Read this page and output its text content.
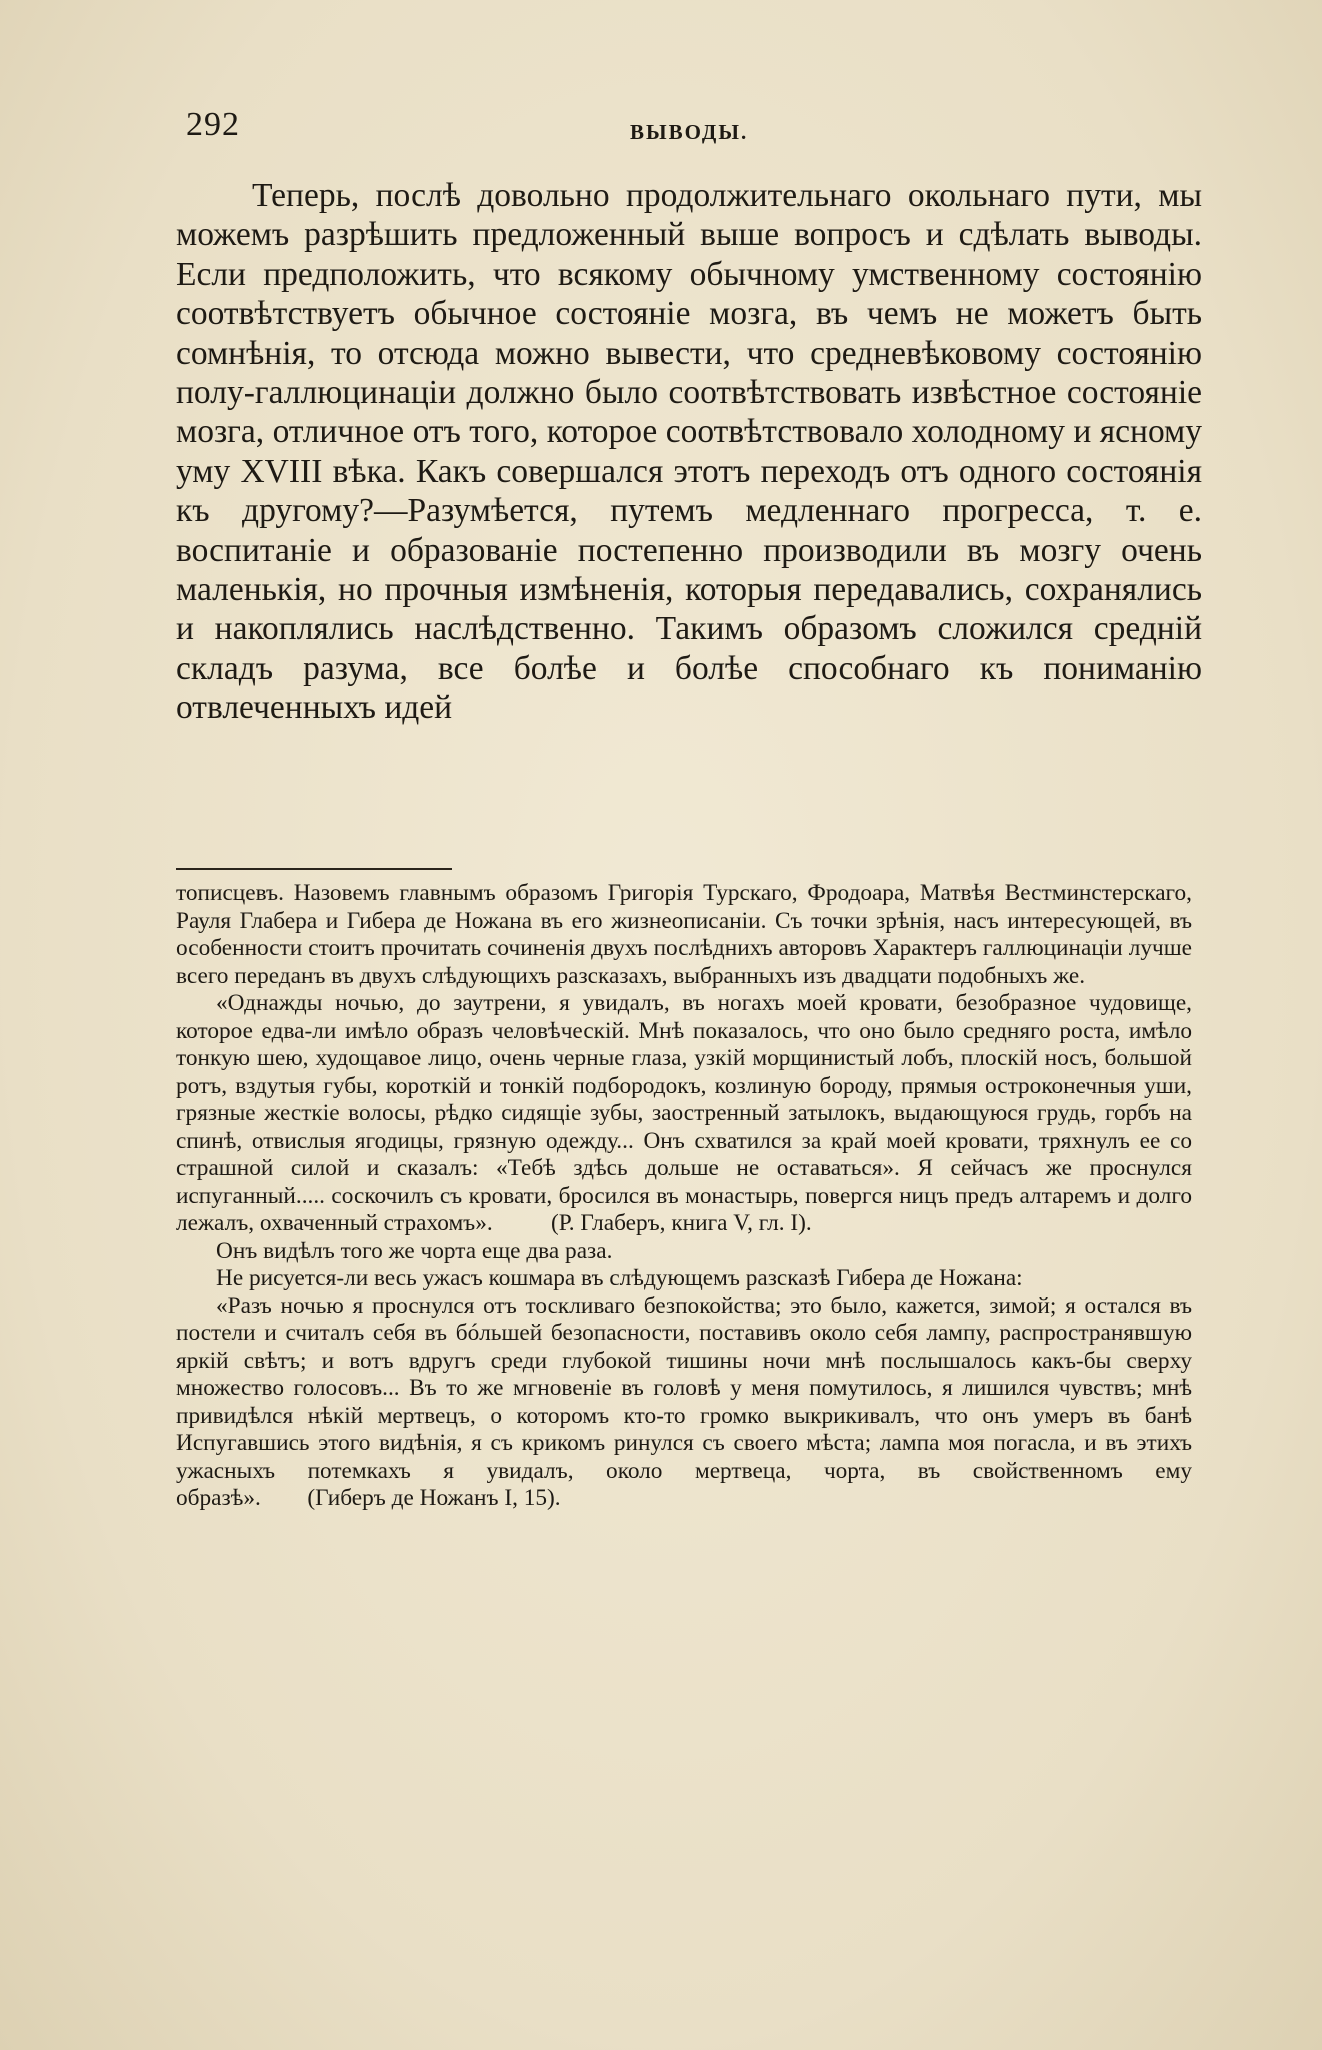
292	ВЫВОДЫ.

Теперь, послѣ довольно продолжительнаго окольнаго пути, мы можемъ разрѣшить предложенный выше вопросъ и сдѣлать выводы. Если предположить, что всякому обычному умственному состоянію соотвѣтствуетъ обычное состояніе мозга, въ чемъ не можетъ быть сомнѣнія, то отсюда можно вывести, что средневѣковому состоянію полу-галлюцинаціи должно было соотвѣтствовать извѣстное состояніе мозга, отличное отъ того, которое соотвѣтствовало холодному и ясному уму XVIII вѣка. Какъ совершался этотъ переходъ отъ одного состоянія къ другому?—Разумѣется, путемъ медленнаго прогресса, т. е. воспитаніе и образованіе постепенно производили въ мозгу очень маленькія, но прочныя измѣненія, которыя передавались, сохранялись и накоплялись наслѣдственно. Такимъ образомъ сложился средній складъ разума, все болѣе и болѣе способнаго къ пониманію отвлеченныхъ идей

тописцевъ. Назовемъ главнымъ образомъ Григорія Турскаго, Фродоара, Матвѣя Вестминстерскаго, Рауля Глабера и Гибера де Ножана въ его жизнеописаніи. Съ точки зрѣнія, насъ интересующей, въ особенности стоитъ прочитать сочиненія двухъ послѣднихъ авторовъ Характеръ галлюцинаціи лучше всего переданъ въ двухъ слѣдующихъ разсказахъ, выбранныхъ изъ двадцати подобныхъ же.

«Однажды ночью, до заутрени, я увидалъ, въ ногахъ моей кровати, безобразное чудовище, которое едва-ли имѣло образъ человѣческій. Мнѣ показалось, что оно было средняго роста, имѣло тонкую шею, худощавое лицо, очень черные глаза, узкій морщинистый лобъ, плоскій носъ, большой ротъ, вздутыя губы, короткій и тонкій подбородокъ, козлиную бороду, прямыя остроконечныя уши, грязные жесткіе волосы, рѣдко сидящіе зубы, заостренный затылокъ, выдающуюся грудь, горбъ на спинѣ, отвислыя ягодицы, грязную одежду... Онъ схватился за край моей кровати, тряхнулъ ее со страшной силой и сказалъ: «Тебѣ здѣсь дольше не оставаться». Я сейчасъ же проснулся испуганный..... соскочилъ съ кровати, бросился въ монастырь, повергся ницъ предъ алтаремъ и долго лежалъ, охваченный страхомъ».	(Р. Глаберъ, книга V, гл. I).

Онъ видѣлъ того же чорта еще два раза.

Не рисуется-ли весь ужасъ кошмара въ слѣдующемъ разсказѣ Гибера де Ножана:

«Разъ ночью я проснулся отъ тоскливаго безпокойства; это было, кажется, зимой; я остался въ постели и считалъ себя въ бóльшей безопасности, поставивъ около себя лампу, распространявшую яркій свѣтъ; и вотъ вдругъ среди глубокой тишины ночи мнѣ послышалось какъ-бы сверху множество голосовъ... Въ то же мгновеніе въ головѣ у меня помутилось, я лишился чувствъ; мнѣ привидѣлся нѣкій мертвецъ, о которомъ кто-то громко выкрикивалъ, что онъ умеръ въ банѣ Испугавшись этого видѣнія, я съ крикомъ ринулся съ своего мѣста; лампа моя погасла, и въ этихъ ужасныхъ потемкахъ я увидалъ, около мертвеца, чорта, въ свойственномъ ему образѣ». (Гиберъ де Ножанъ I, 15).
